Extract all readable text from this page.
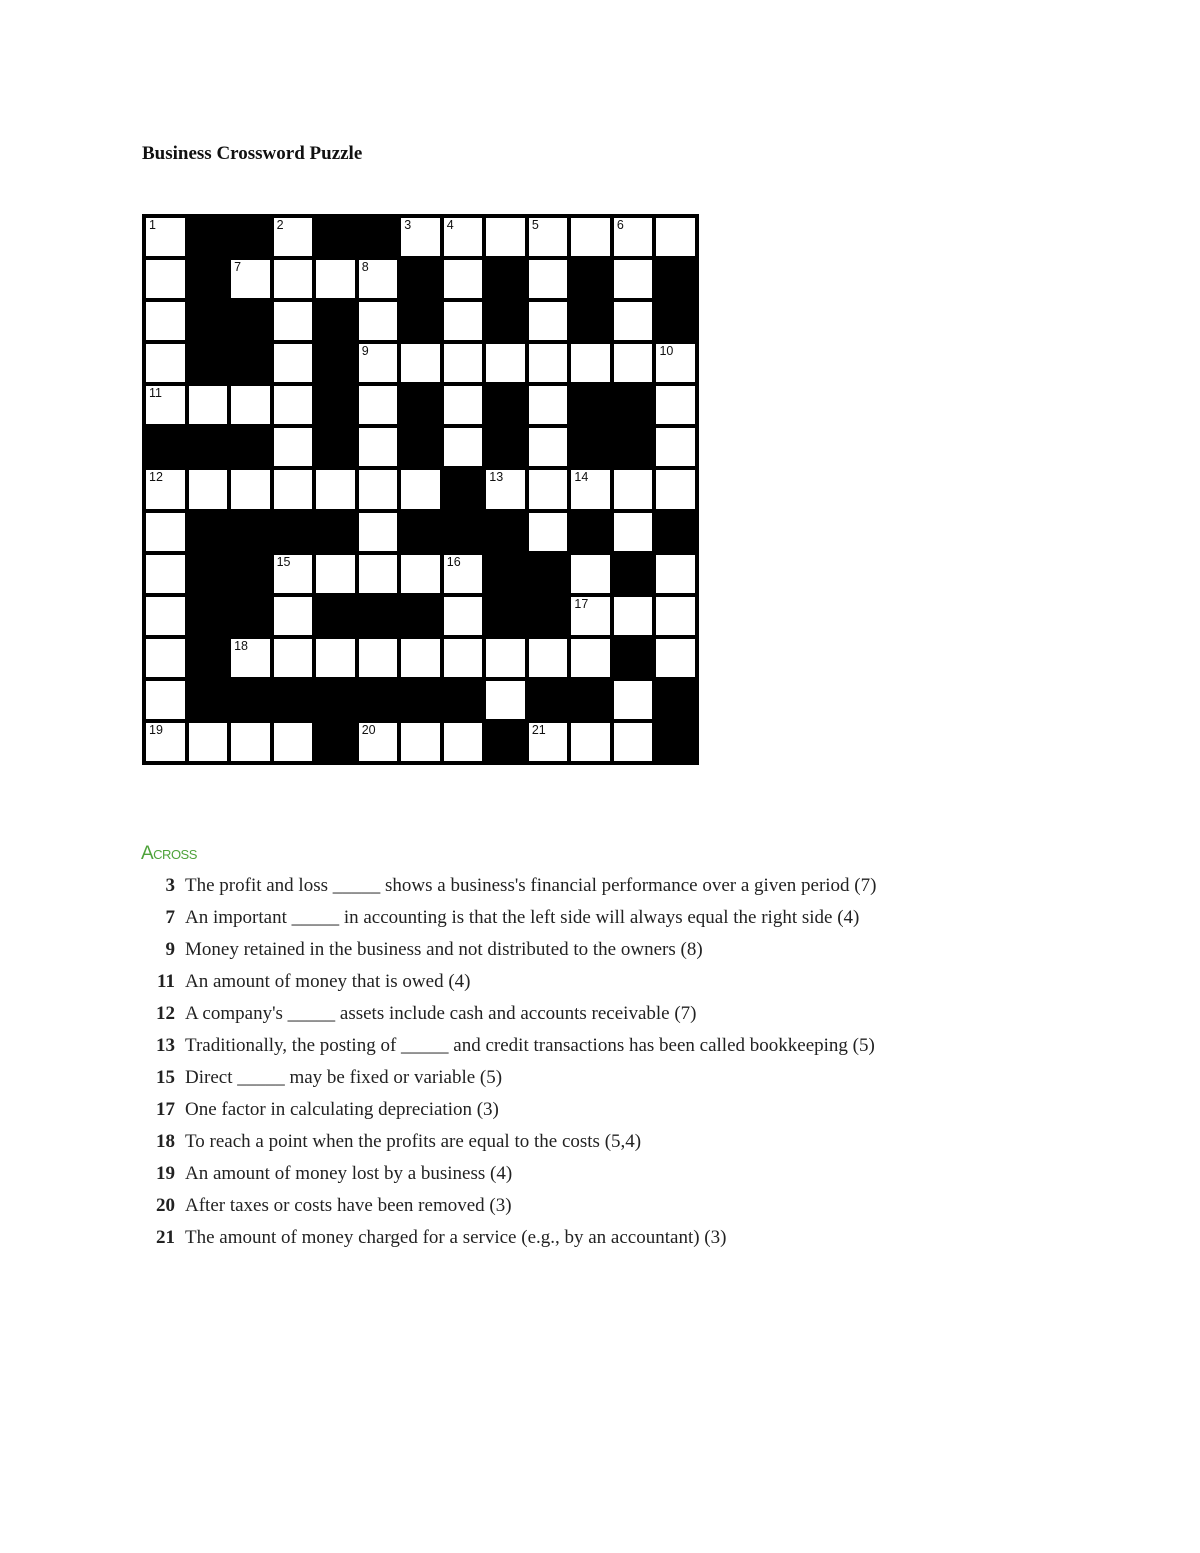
Business Crossword Puzzle
1	2	3	4	5	6
7	8
9	10
11
12	13	14
15	16
17
18
19	20	21
Across
3 The profit and loss _____ shows a business's financial performance over a given period (7)
7 An important _____ in accounting is that the left side will always equal the right side (4)
9 Money retained in the business and not distributed to the owners (8)
11 An amount of money that is owed (4)
12 A company's _____ assets include cash and accounts receivable (7)
13 Traditionally, the posting of _____ and credit transactions has been called bookkeeping (5)
15 Direct _____ may be fixed or variable (5)
17 One factor in calculating depreciation (3)
18 To reach a point when the profits are equal to the costs (5,4)
19 An amount of money lost by a business (4)
20 After taxes or costs have been removed (3)
21 The amount of money charged for a service (e.g., by an accountant) (3)
